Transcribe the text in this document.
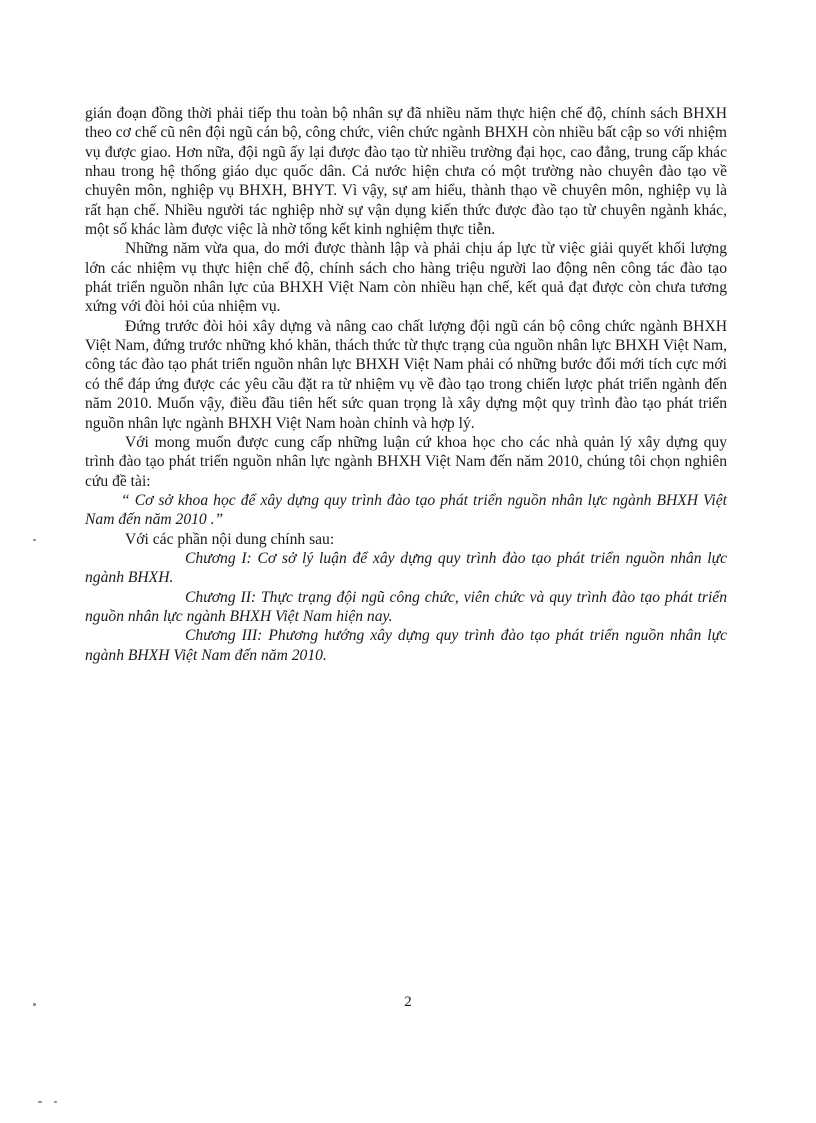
gián đoạn đồng thời phải tiếp thu toàn bộ nhân sự đã nhiều năm thực hiện chế độ, chính sách BHXH theo cơ chế cũ nên đội ngũ cán bộ, công chức, viên chức ngành BHXH còn nhiều bất cập so với nhiệm vụ được giao. Hơn nữa, đội ngũ ấy lại được đào tạo từ nhiều trường đại học, cao đẳng, trung cấp khác nhau trong hệ thống giáo dục quốc dân. Cả nước hiện chưa có một trường nào chuyên đào tạo về chuyên môn, nghiệp vụ BHXH, BHYT. Vì vậy, sự am hiểu, thành thạo về chuyên môn, nghiệp vụ là rất hạn chế. Nhiều người tác nghiệp nhờ sự vận dụng kiến thức được đào tạo từ chuyên ngành khác, một số khác làm được việc là nhờ tổng kết kinh nghiệm thực tiễn.

Những năm vừa qua, do mới được thành lập và phải chịu áp lực từ việc giải quyết khối lượng lớn các nhiệm vụ thực hiện chế độ, chính sách cho hàng triệu người lao động nên công tác đào tạo phát triển nguồn nhân lực của BHXH Việt Nam còn nhiều hạn chế, kết quả đạt được còn chưa tương xứng với đòi hỏi của nhiệm vụ.

Đứng trước đòi hỏi xây dựng và nâng cao chất lượng đội ngũ cán bộ công chức ngành BHXH Việt Nam, đứng trước những khó khăn, thách thức từ thực trạng của nguồn nhân lực BHXH Việt Nam, công tác đào tạo phát triển nguồn nhân lực BHXH Việt Nam phải có những bước đổi mới tích cực mới có thể đáp ứng được các yêu cầu đặt ra từ nhiệm vụ về đào tạo trong chiến lược phát triển ngành đến năm 2010. Muốn vậy, điều đầu tiên hết sức quan trọng là xây dựng một quy trình đào tạo phát triển nguồn nhân lực ngành BHXH Việt Nam hoàn chỉnh và hợp lý.

Với mong muốn được cung cấp những luận cứ khoa học cho các nhà quản lý xây dựng quy trình đào tạo phát triển nguồn nhân lực ngành BHXH Việt Nam đến năm 2010, chúng tôi chọn nghiên cứu đề tài:

“ Cơ sở khoa học để xây dựng quy trình đào tạo phát triển nguồn nhân lực ngành BHXH Việt Nam đến năm 2010 .”

Với các phần nội dung chính sau:

Chương I: Cơ sở lý luận để xây dựng quy trình đào tạo phát triển nguồn nhân lực ngành BHXH.

Chương II: Thực trạng đội ngũ công chức, viên chức và quy trình đào tạo phát triển nguồn nhân lực ngành BHXH Việt Nam hiện nay.

Chương III: Phương hướng xây dựng quy trình đào tạo phát triển nguồn nhân lực ngành BHXH Việt Nam đến năm 2010.

2
